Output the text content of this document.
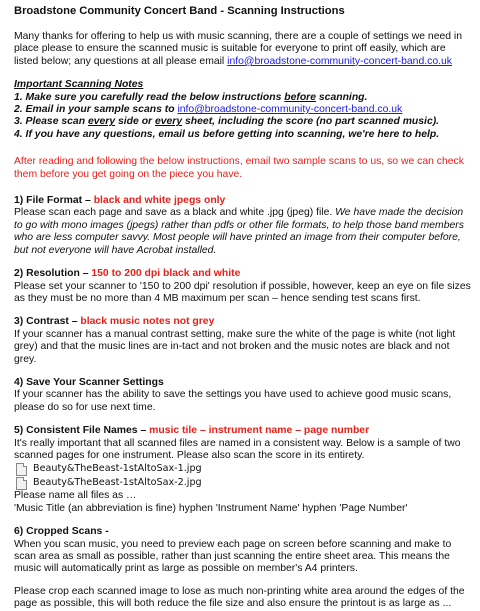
Broadstone Community Concert Band - Scanning Instructions

Many thanks for offering to help us with music scanning, there are a couple of settings we need in place please to ensure the scanned music is suitable for everyone to print off easily, which are listed below; any questions at all please email info@broadstone-community-concert-band.co.uk

Important Scanning Notes
1. Make sure you carefully read the below instructions before scanning.
2. Email in your sample scans to info@broadstone-community-concert-band.co.uk
3. Please scan every side or every sheet, including the score (no part scanned music).
4. If you have any questions, email us before getting into scanning, we're here to help.

After reading and following the below instructions, email two sample scans to us, so we can check them before you get going on the piece you have.

1) File Format – black and white jpegs only

Please scan each page and save as a black and white .jpg (jpeg) file. We have made the decision to go with mono images (jpegs) rather than pdfs or other file formats, to help those band members who are less computer savvy. Most people will have printed an image from their computer before, but not everyone will have Acrobat installed.

2) Resolution – 150 to 200 dpi black and white

Please set your scanner to '150 to 200 dpi' resolution if possible, however, keep an eye on file sizes as they must be no more than 4 MB maximum per scan – hence sending test scans first.

3) Contrast – black music notes not grey

If your scanner has a manual contrast setting, make sure the white of the page is white (not light grey) and that the music lines are in-tact and not broken and the music notes are black and not grey.

4) Save Your Scanner Settings

If your scanner has the ability to save the settings you have used to achieve good music scans, please do so for use next time.

5) Consistent File Names – music tile – instrument name – page number

It's really important that all scanned files are named in a consistent way. Below is a sample of two scanned pages for one instrument. Please also scan the score in its entirety.

Beauty&TheBeast-1stAltoSax-1.jpg
Beauty&TheBeast-1stAltoSax-2.jpg

Please name all files as …

'Music Title (an abbreviation is fine) hyphen 'Instrument Name' hyphen 'Page Number'

6) Cropped Scans -

When you scan music, you need to preview each page on screen before scanning and make to scan area as small as possible, rather than just scanning the entire sheet area. This means the music will automatically print as large as possible on member's A4 printers.

Please crop each scanned image to lose as much non-printing white area around the edges of the page as possible, this will both reduce the file size and also ensure the printout is as large as ...
